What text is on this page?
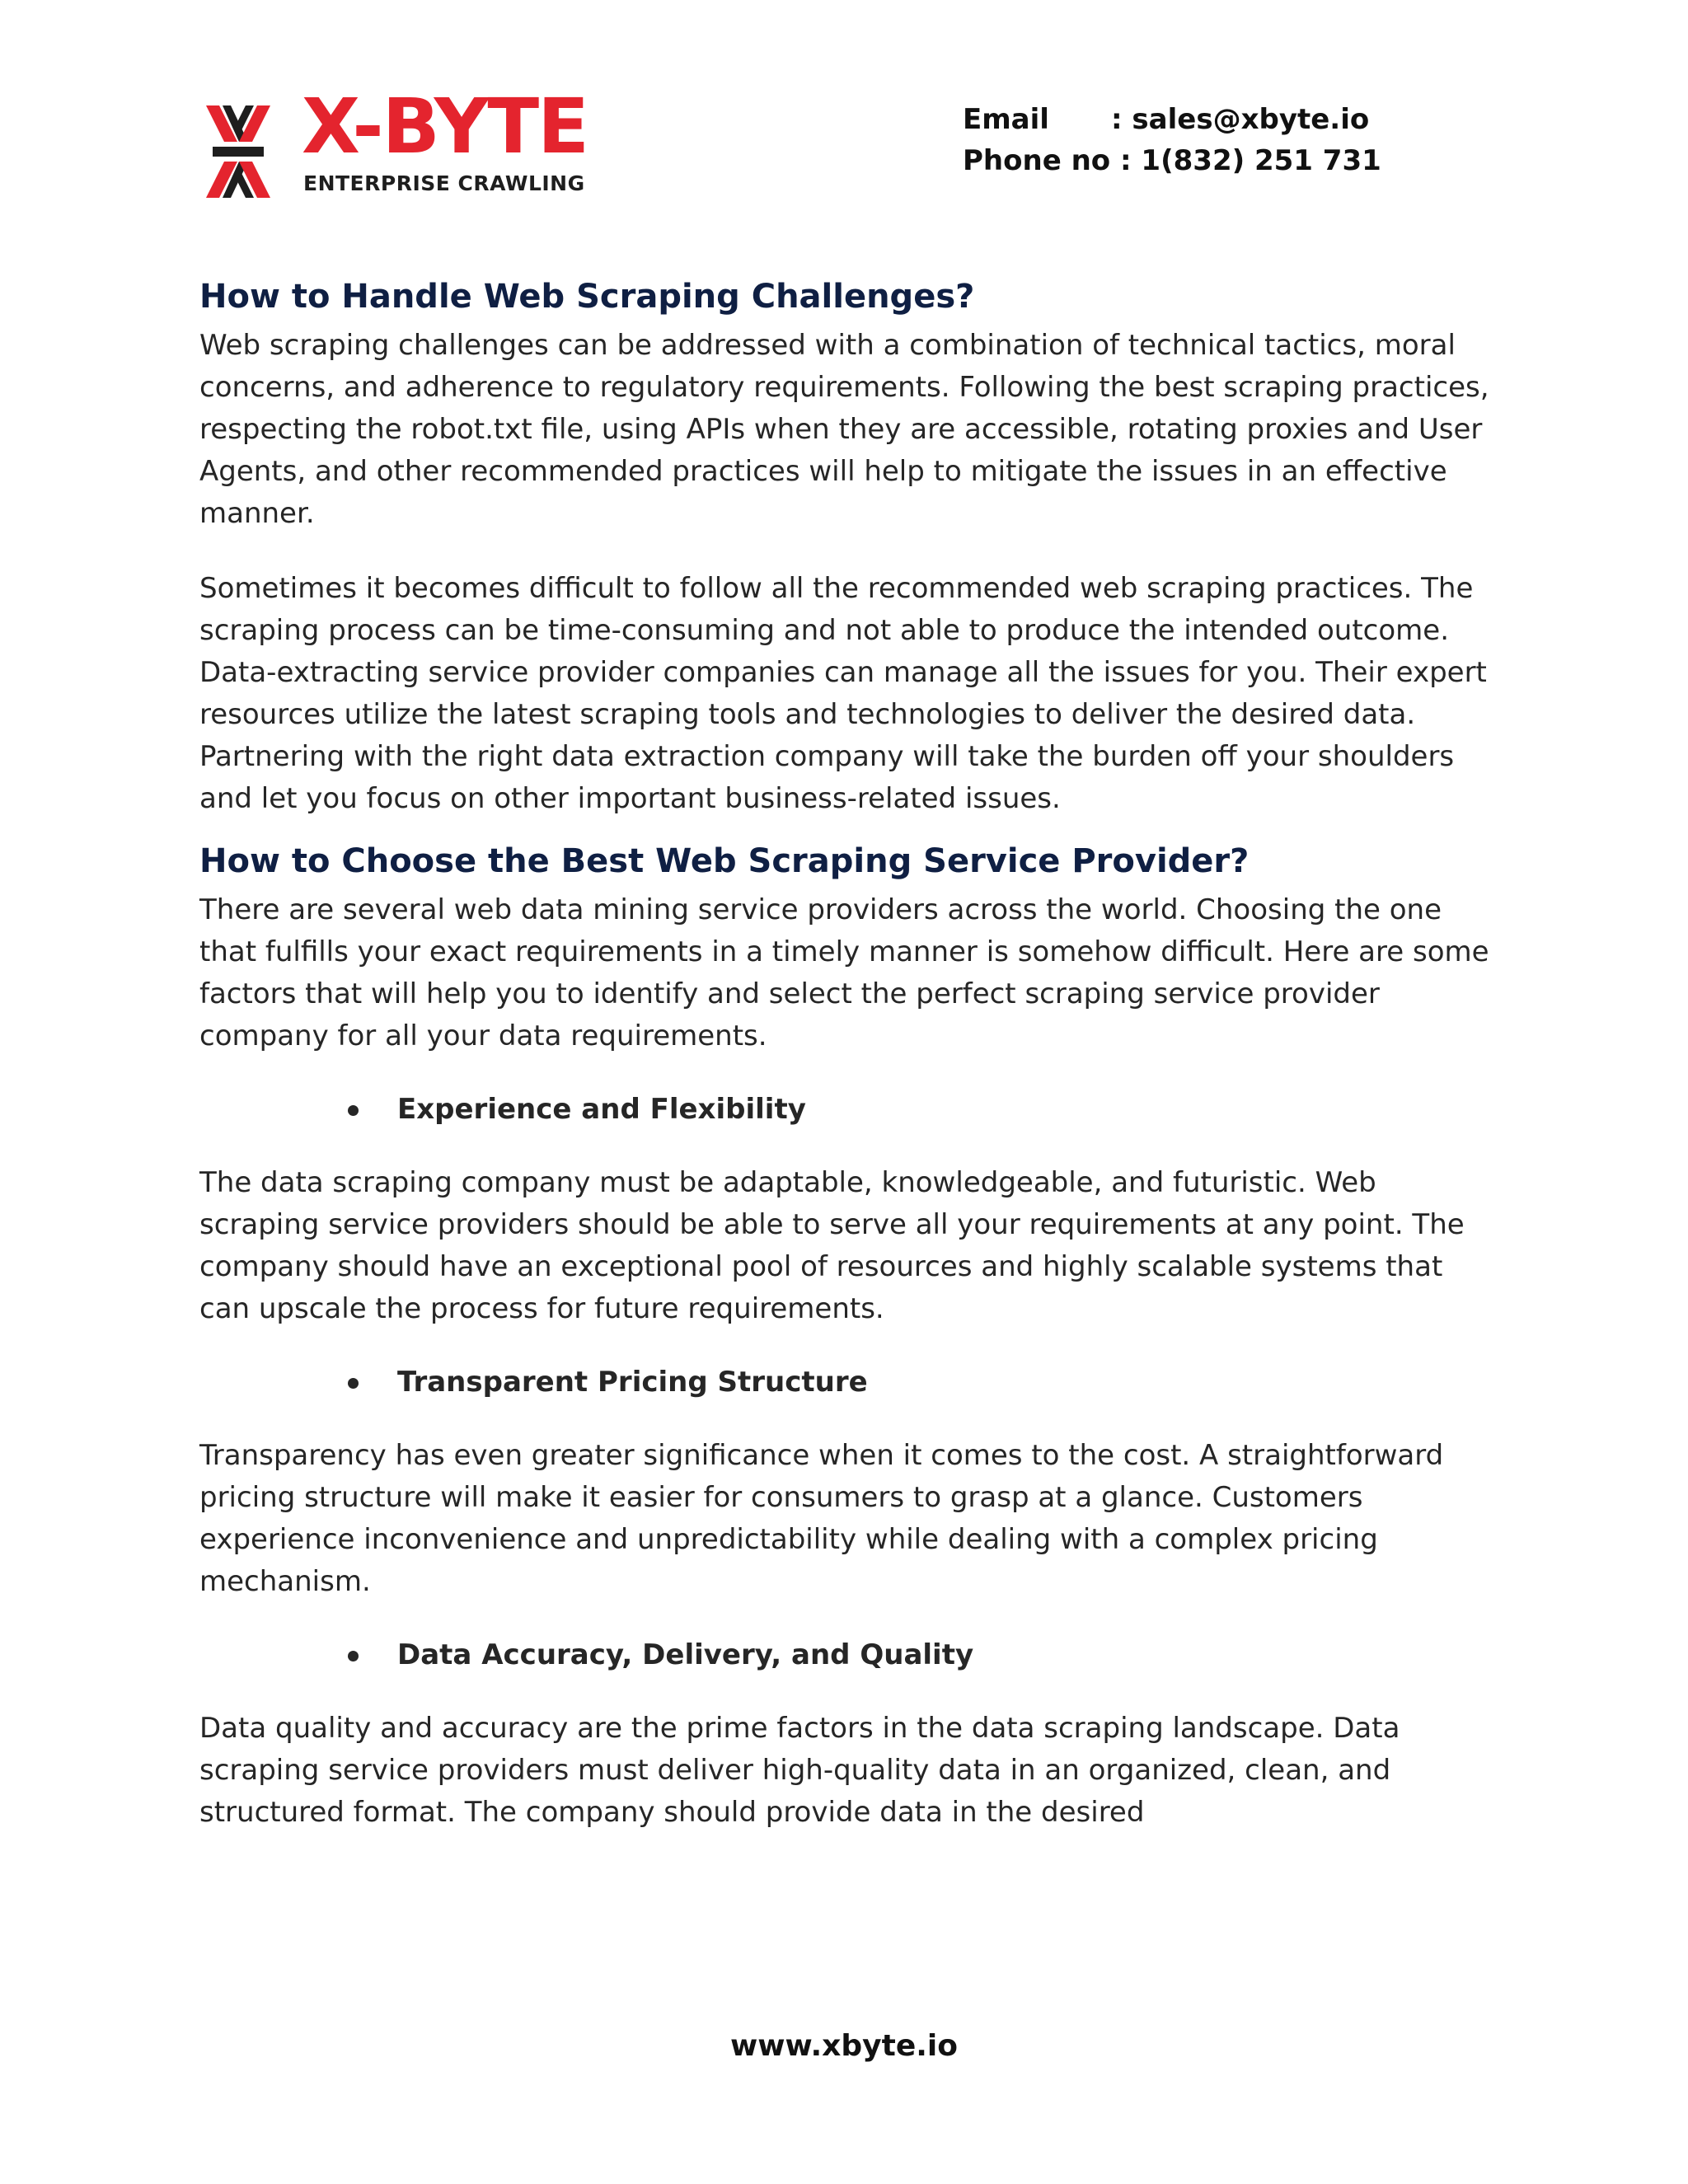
X-BYTE
ENTERPRISE CRAWLING
Email : sales@xbyte.io
Phone no : 1(832) 251 731
How to Handle Web Scraping Challenges?

Web scraping challenges can be addressed with a combination of technical tactics, moral concerns, and adherence to regulatory requirements. Following the best scraping practices, respecting the robot.txt file, using APIs when they are accessible, rotating proxies and User Agents, and other recommended practices will help to mitigate the issues in an effective manner.

Sometimes it becomes difficult to follow all the recommended web scraping practices. The scraping process can be time-consuming and not able to produce the intended outcome. Data-extracting service provider companies can manage all the issues for you. Their expert resources utilize the latest scraping tools and technologies to deliver the desired data. Partnering with the right data extraction company will take the burden off your shoulders and let you focus on other important business-related issues.

How to Choose the Best Web Scraping Service Provider?

There are several web data mining service providers across the world. Choosing the one that fulfills your exact requirements in a timely manner is somehow difficult. Here are some factors that will help you to identify and select the perfect scraping service provider company for all your data requirements.

Experience and Flexibility

The data scraping company must be adaptable, knowledgeable, and futuristic. Web scraping service providers should be able to serve all your requirements at any point. The company should have an exceptional pool of resources and highly scalable systems that can upscale the process for future requirements.

Transparent Pricing Structure

Transparency has even greater significance when it comes to the cost. A straightforward pricing structure will make it easier for consumers to grasp at a glance. Customers experience inconvenience and unpredictability while dealing with a complex pricing mechanism.

Data Accuracy, Delivery, and Quality

Data quality and accuracy are the prime factors in the data scraping landscape. Data scraping service providers must deliver high-quality data in an organized, clean, and structured format. The company should provide data in the desired

www.xbyte.io
